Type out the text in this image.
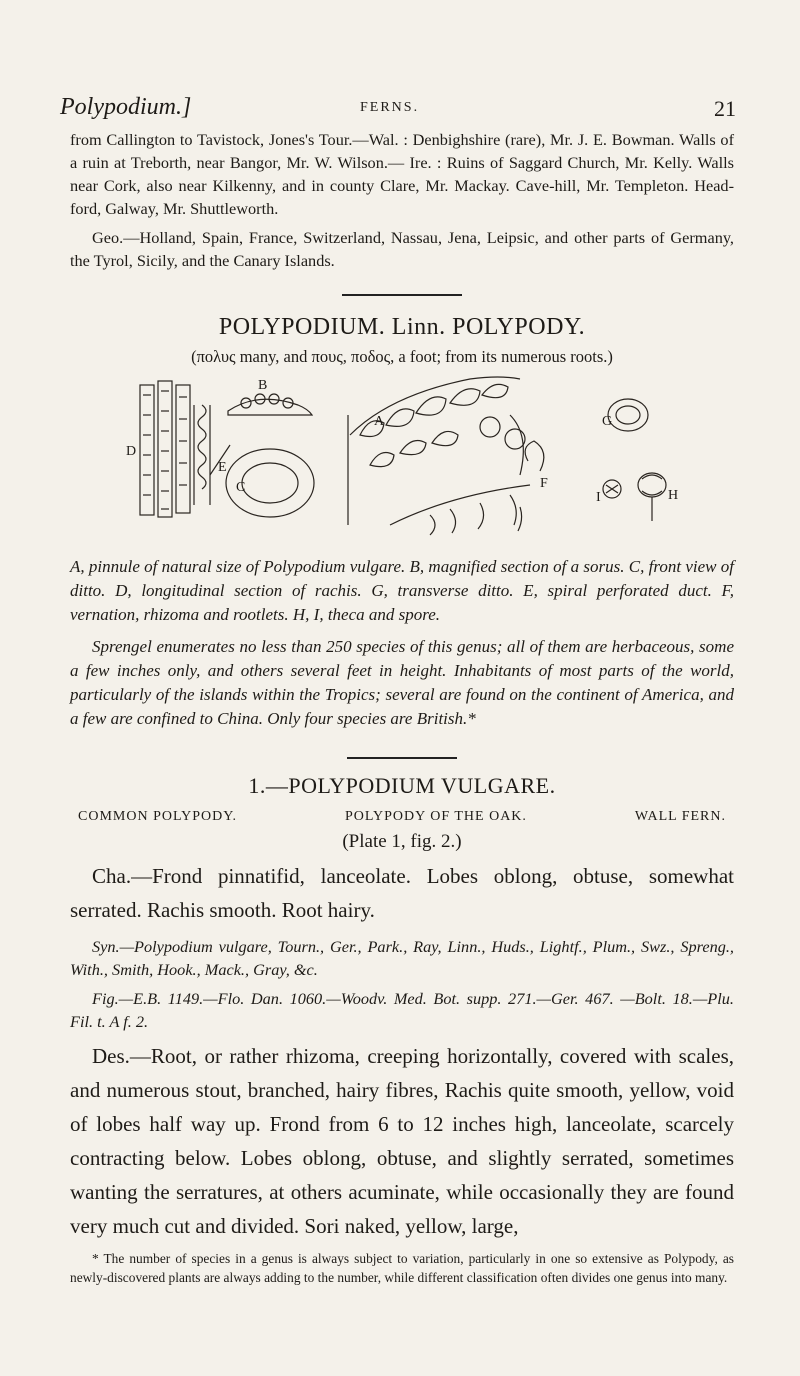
Polypodium.]	FERNS.	21

from Callington to Tavistock, Jones's Tour.—Wal. : Denbighshire (rare), Mr. J. E. Bowman. Walls of a ruin at Treborth, near Bangor, Mr. W. Wilson.— Ire. : Ruins of Saggard Church, Mr. Kelly. Walls near Cork, also near Kilkenny, and in county Clare, Mr. Mackay. Cave-hill, Mr. Templeton. Head-ford, Galway, Mr. Shuttleworth.

Geo.—Holland, Spain, France, Switzerland, Nassau, Jena, Leipsic, and other parts of Germany, the Tyrol, Sicily, and the Canary Islands.

POLYPODIUM. Linn. POLYPODY.
(πολυς many, and πους, ποδος, a foot; from its numerous roots.)
D
B
E
C
A
F
G
I	H

A, pinnule of natural size of Polypodium vulgare. B, magnified section of a sorus. C, front view of ditto. D, longitudinal section of rachis. G, transverse ditto. E, spiral perforated duct. F, vernation, rhizoma and rootlets. H, I, theca and spore.

Sprengel enumerates no less than 250 species of this genus; all of them are herbaceous, some a few inches only, and others several feet in height. Inhabitants of most parts of the world, particularly of the islands within the Tropics; several are found on the continent of America, and a few are confined to China. Only four species are British.*

1.—POLYPODIUM VULGARE.
COMMON POLYPODY.	POLYPODY OF THE OAK.	WALL FERN.
(Plate 1, fig. 2.)

Cha.—Frond pinnatifid, lanceolate. Lobes oblong, obtuse, somewhat serrated. Rachis smooth. Root hairy.

Syn.—Polypodium vulgare, Tourn., Ger., Park., Ray, Linn., Huds., Lightf., Plum., Swz., Spreng., With., Smith, Hook., Mack., Gray, &c.

Fig.—E.B. 1149.—Flo. Dan. 1060.—Woodv. Med. Bot. supp. 271.—Ger. 467. —Bolt. 18.—Plu. Fil. t. A f. 2.

Des.—Root, or rather rhizoma, creeping horizontally, covered with scales, and numerous stout, branched, hairy fibres, Rachis quite smooth, yellow, void of lobes half way up. Frond from 6 to 12 inches high, lanceolate, scarcely contracting below. Lobes oblong, obtuse, and slightly serrated, sometimes wanting the serratures, at others acuminate, while occasionally they are found very much cut and divided. Sori naked, yellow, large,

* The number of species in a genus is always subject to variation, particularly in one so extensive as Polypody, as newly-discovered plants are always adding to the number, while different classification often divides one genus into many.
